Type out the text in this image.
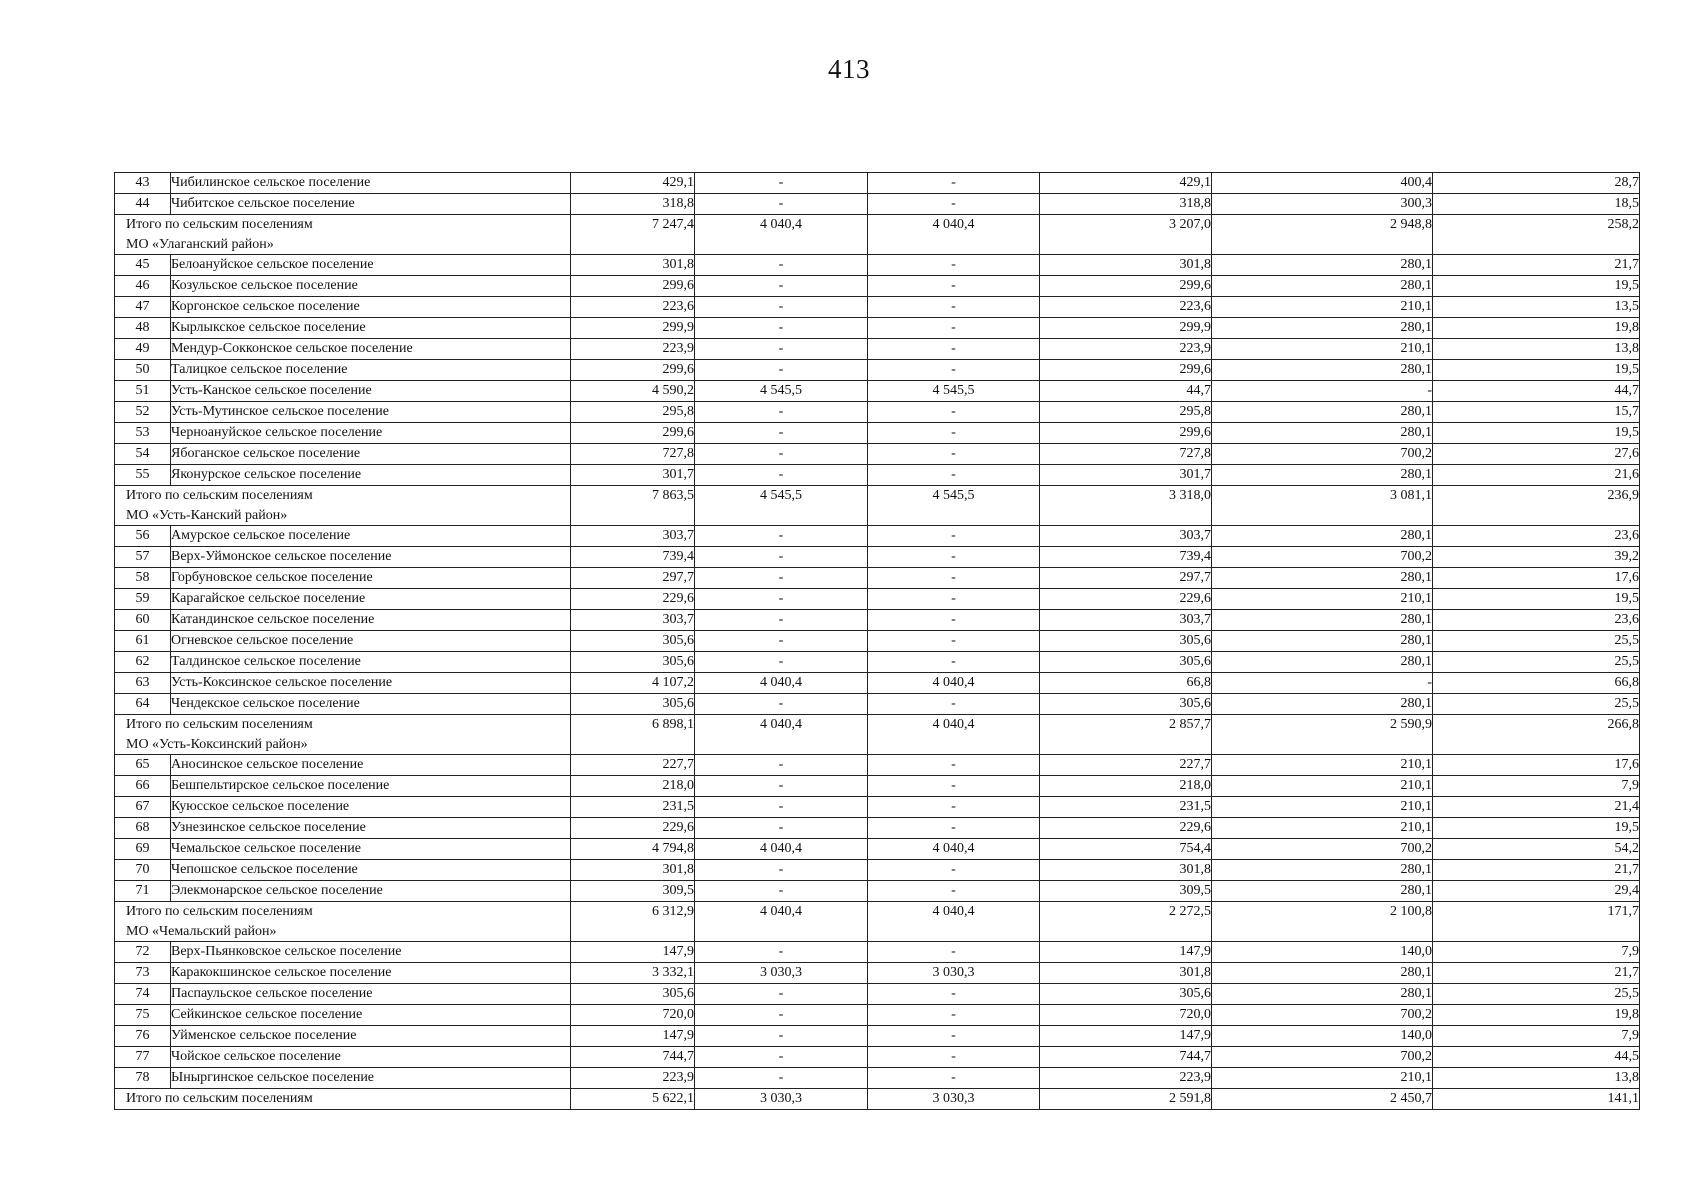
413
43	Чибилинское сельское поселение	429,1	-	-	429,1	400,4	28,7
44	Чибитское сельское поселение	318,8	-	-	318,8	300,3	18,5

Итого по сельским поселениям
МО «Улаганский район»		7 247,4	4 040,4	4 040,4	3 207,0	2 948,8	258,2
45	Белоануйское сельское поселение	301,8	-	-	301,8	280,1	21,7
46	Козульское сельское поселение	299,6	-	-	299,6	280,1	19,5
47	Коргонское сельское поселение	223,6	-	-	223,6	210,1	13,5
48	Кырлыкское сельское поселение	299,9	-	-	299,9	280,1	19,8
49	Мендур-Сокконское сельское поселение	223,9	-	-	223,9	210,1	13,8
50	Талицкое сельское поселение	299,6	-	-	299,6	280,1	19,5
51	Усть-Канское сельское поселение	4 590,2	4 545,5	4 545,5	44,7	-	44,7
52	Усть-Мутинское сельское поселение	295,8	-	-	295,8	280,1	15,7
53	Черноануйское сельское поселение	299,6	-	-	299,6	280,1	19,5
54	Ябоганское сельское поселение	727,8	-	-	727,8	700,2	27,6
55	Яконурское сельское поселение	301,7	-	-	301,7	280,1	21,6

Итого по сельским поселениям
МО «Усть-Канский район»		7 863,5	4 545,5	4 545,5	3 318,0	3 081,1	236,9
56	Амурское сельское поселение	303,7	-	-	303,7	280,1	23,6
57	Верх-Уймонское сельское поселение	739,4	-	-	739,4	700,2	39,2
58	Горбуновское сельское поселение	297,7	-	-	297,7	280,1	17,6
59	Карагайское сельское поселение	229,6	-	-	229,6	210,1	19,5
60	Катандинское сельское поселение	303,7	-	-	303,7	280,1	23,6
61	Огневское сельское поселение	305,6	-	-	305,6	280,1	25,5
62	Талдинское сельское поселение	305,6	-	-	305,6	280,1	25,5
63	Усть-Коксинское сельское поселение	4 107,2	4 040,4	4 040,4	66,8	-	66,8
64	Чендекское сельское поселение	305,6	-	-	305,6	280,1	25,5

Итого по сельским поселениям
МО «Усть-Коксинский район»		6 898,1	4 040,4	4 040,4	2 857,7	2 590,9	266,8
65	Аносинское сельское поселение	227,7	-	-	227,7	210,1	17,6
66	Бешпельтирское сельское поселение	218,0	-	-	218,0	210,1	7,9
67	Куюсское сельское поселение	231,5	-	-	231,5	210,1	21,4
68	Узнезинское сельское поселение	229,6	-	-	229,6	210,1	19,5
69	Чемальское сельское поселение	4 794,8	4 040,4	4 040,4	754,4	700,2	54,2
70	Чепошское сельское поселение	301,8	-	-	301,8	280,1	21,7
71	Элекмонарское сельское поселение	309,5	-	-	309,5	280,1	29,4

Итого по сельским поселениям
МО «Чемальский район»		6 312,9	4 040,4	4 040,4	2 272,5	2 100,8	171,7
72	Верх-Пьянковское сельское поселение	147,9	-	-	147,9	140,0	7,9
73	Каракокшинское сельское поселение	3 332,1	3 030,3	3 030,3	301,8	280,1	21,7
74	Паспаульское сельское поселение	305,6	-	-	305,6	280,1	25,5
75	Сейкинское сельское поселение	720,0	-	-	720,0	700,2	19,8
76	Уйменское сельское поселение	147,9	-	-	147,9	140,0	7,9
77	Чойское сельское поселение	744,7	-	-	744,7	700,2	44,5
78	Ыныргинское сельское поселение	223,9	-	-	223,9	210,1	13,8

Итого по сельским поселениям		5 622,1	3 030,3	3 030,3	2 591,8	2 450,7	141,1
